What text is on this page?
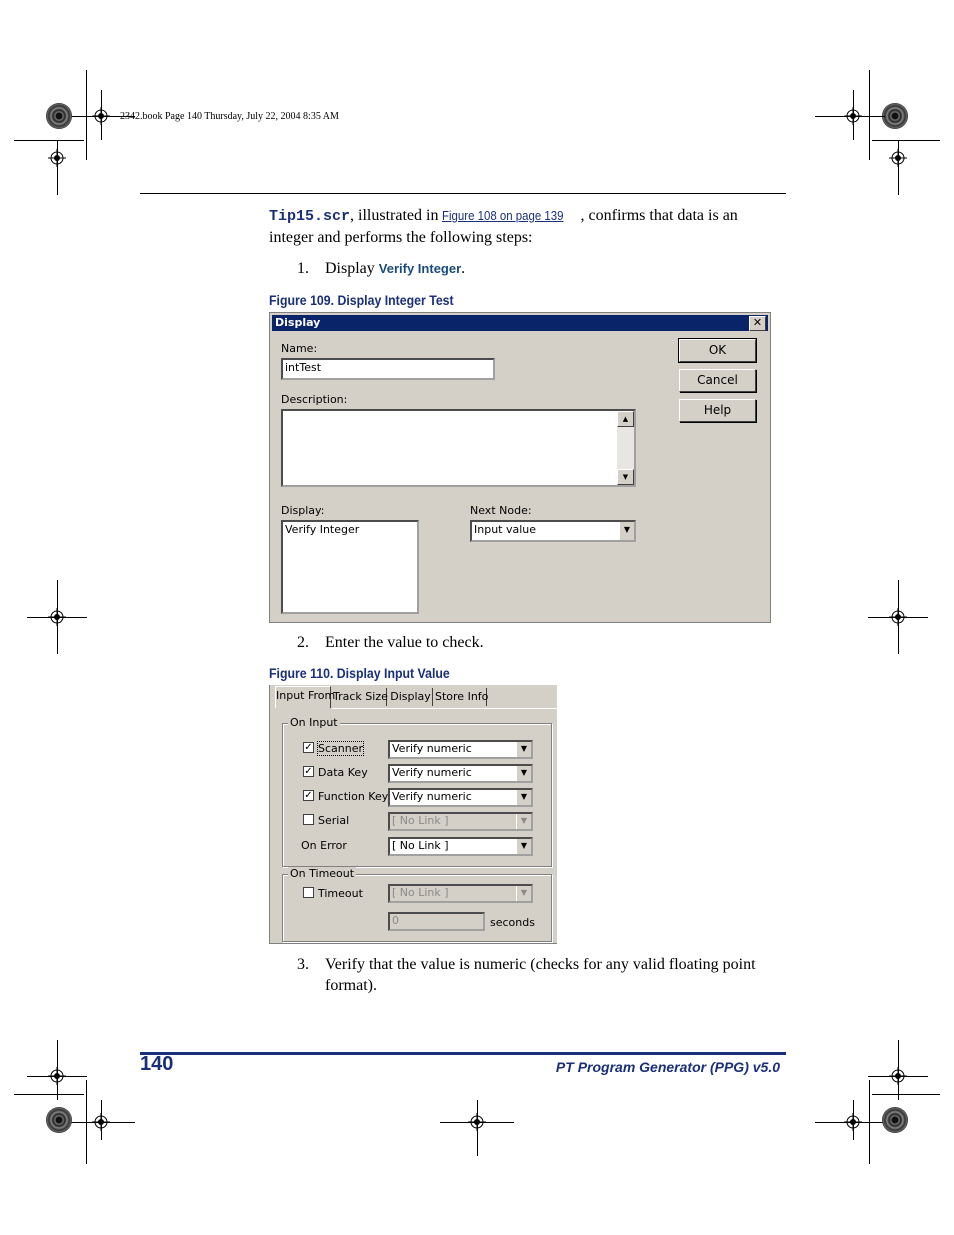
2342.book Page 140 Thursday, July 22, 2004 8:35 AM
Tip15.scr, illustrated in Figure 108 on page 139 , confirms that data is an integer and performs the following steps:
1. Display Verify Integer.
Figure 109. Display Integer Test
Display	✕
Name:
intTest
Description:
▲
▼
Display:
Verify Integer
Next Node:
Input value	▼
OK
Cancel
Help
2. Enter the value to check.
Figure 110. Display Input Value
Input From
Track Size Display Store Info
On Input
✓ Scanner	Verify numeric	▼
✓ Data Key	Verify numeric	▼
✓ Function Key Verify numeric	▼
Serial	[ No Link ]	▼
On Error	[ No Link ]	▼
On Timeout
Timeout	[ No Link ]	▼
0	seconds
3. Verify that the value is numeric (checks for any valid floating point format).
140	PT Program Generator (PPG) v5.0
